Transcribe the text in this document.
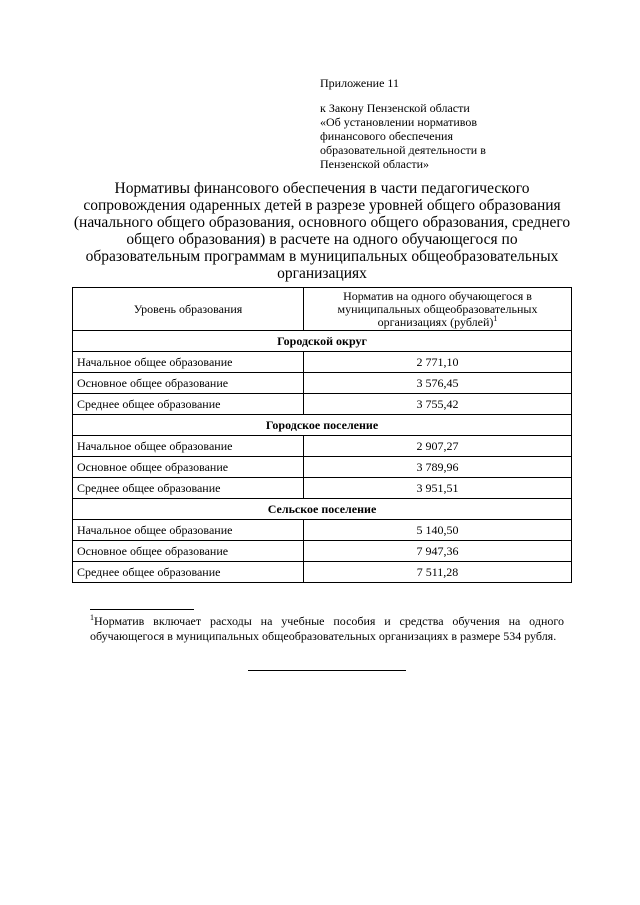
Приложение 11
к Закону Пензенской области
«Об установлении нормативов
финансового обеспечения
образовательной деятельности в
Пензенской области»
Нормативы финансового обеспечения в части педагогического
сопровождения одаренных детей в разрезе уровней общего образования
(начального общего образования, основного общего образования, среднего
общего образования) в расчете на одного обучающегося по
образовательным программам в муниципальных общеобразовательных
организациях
Уровень образования	Норматив на одного обучающегося в муниципальных общеобразовательных организациях (рублей)$^1$
Городской округ	
Начальное общее образование	2 771,10
Основное общее образование	3 576,45
Среднее общее образование	3 755,42
Городское поселение	
Начальное общее образование	2 907,27
Основное общее образование	3 789,96
Среднее общее образование	3 951,51
Сельское поселение	
Начальное общее образование	5 140,50
Основное общее образование	7 947,36
Среднее общее образование	7 511,28
$^1$Норматив включает расходы на учебные пособия и средства обучения на одного обучающегося в муниципальных общеобразовательных организациях в размере 534 рубля.
